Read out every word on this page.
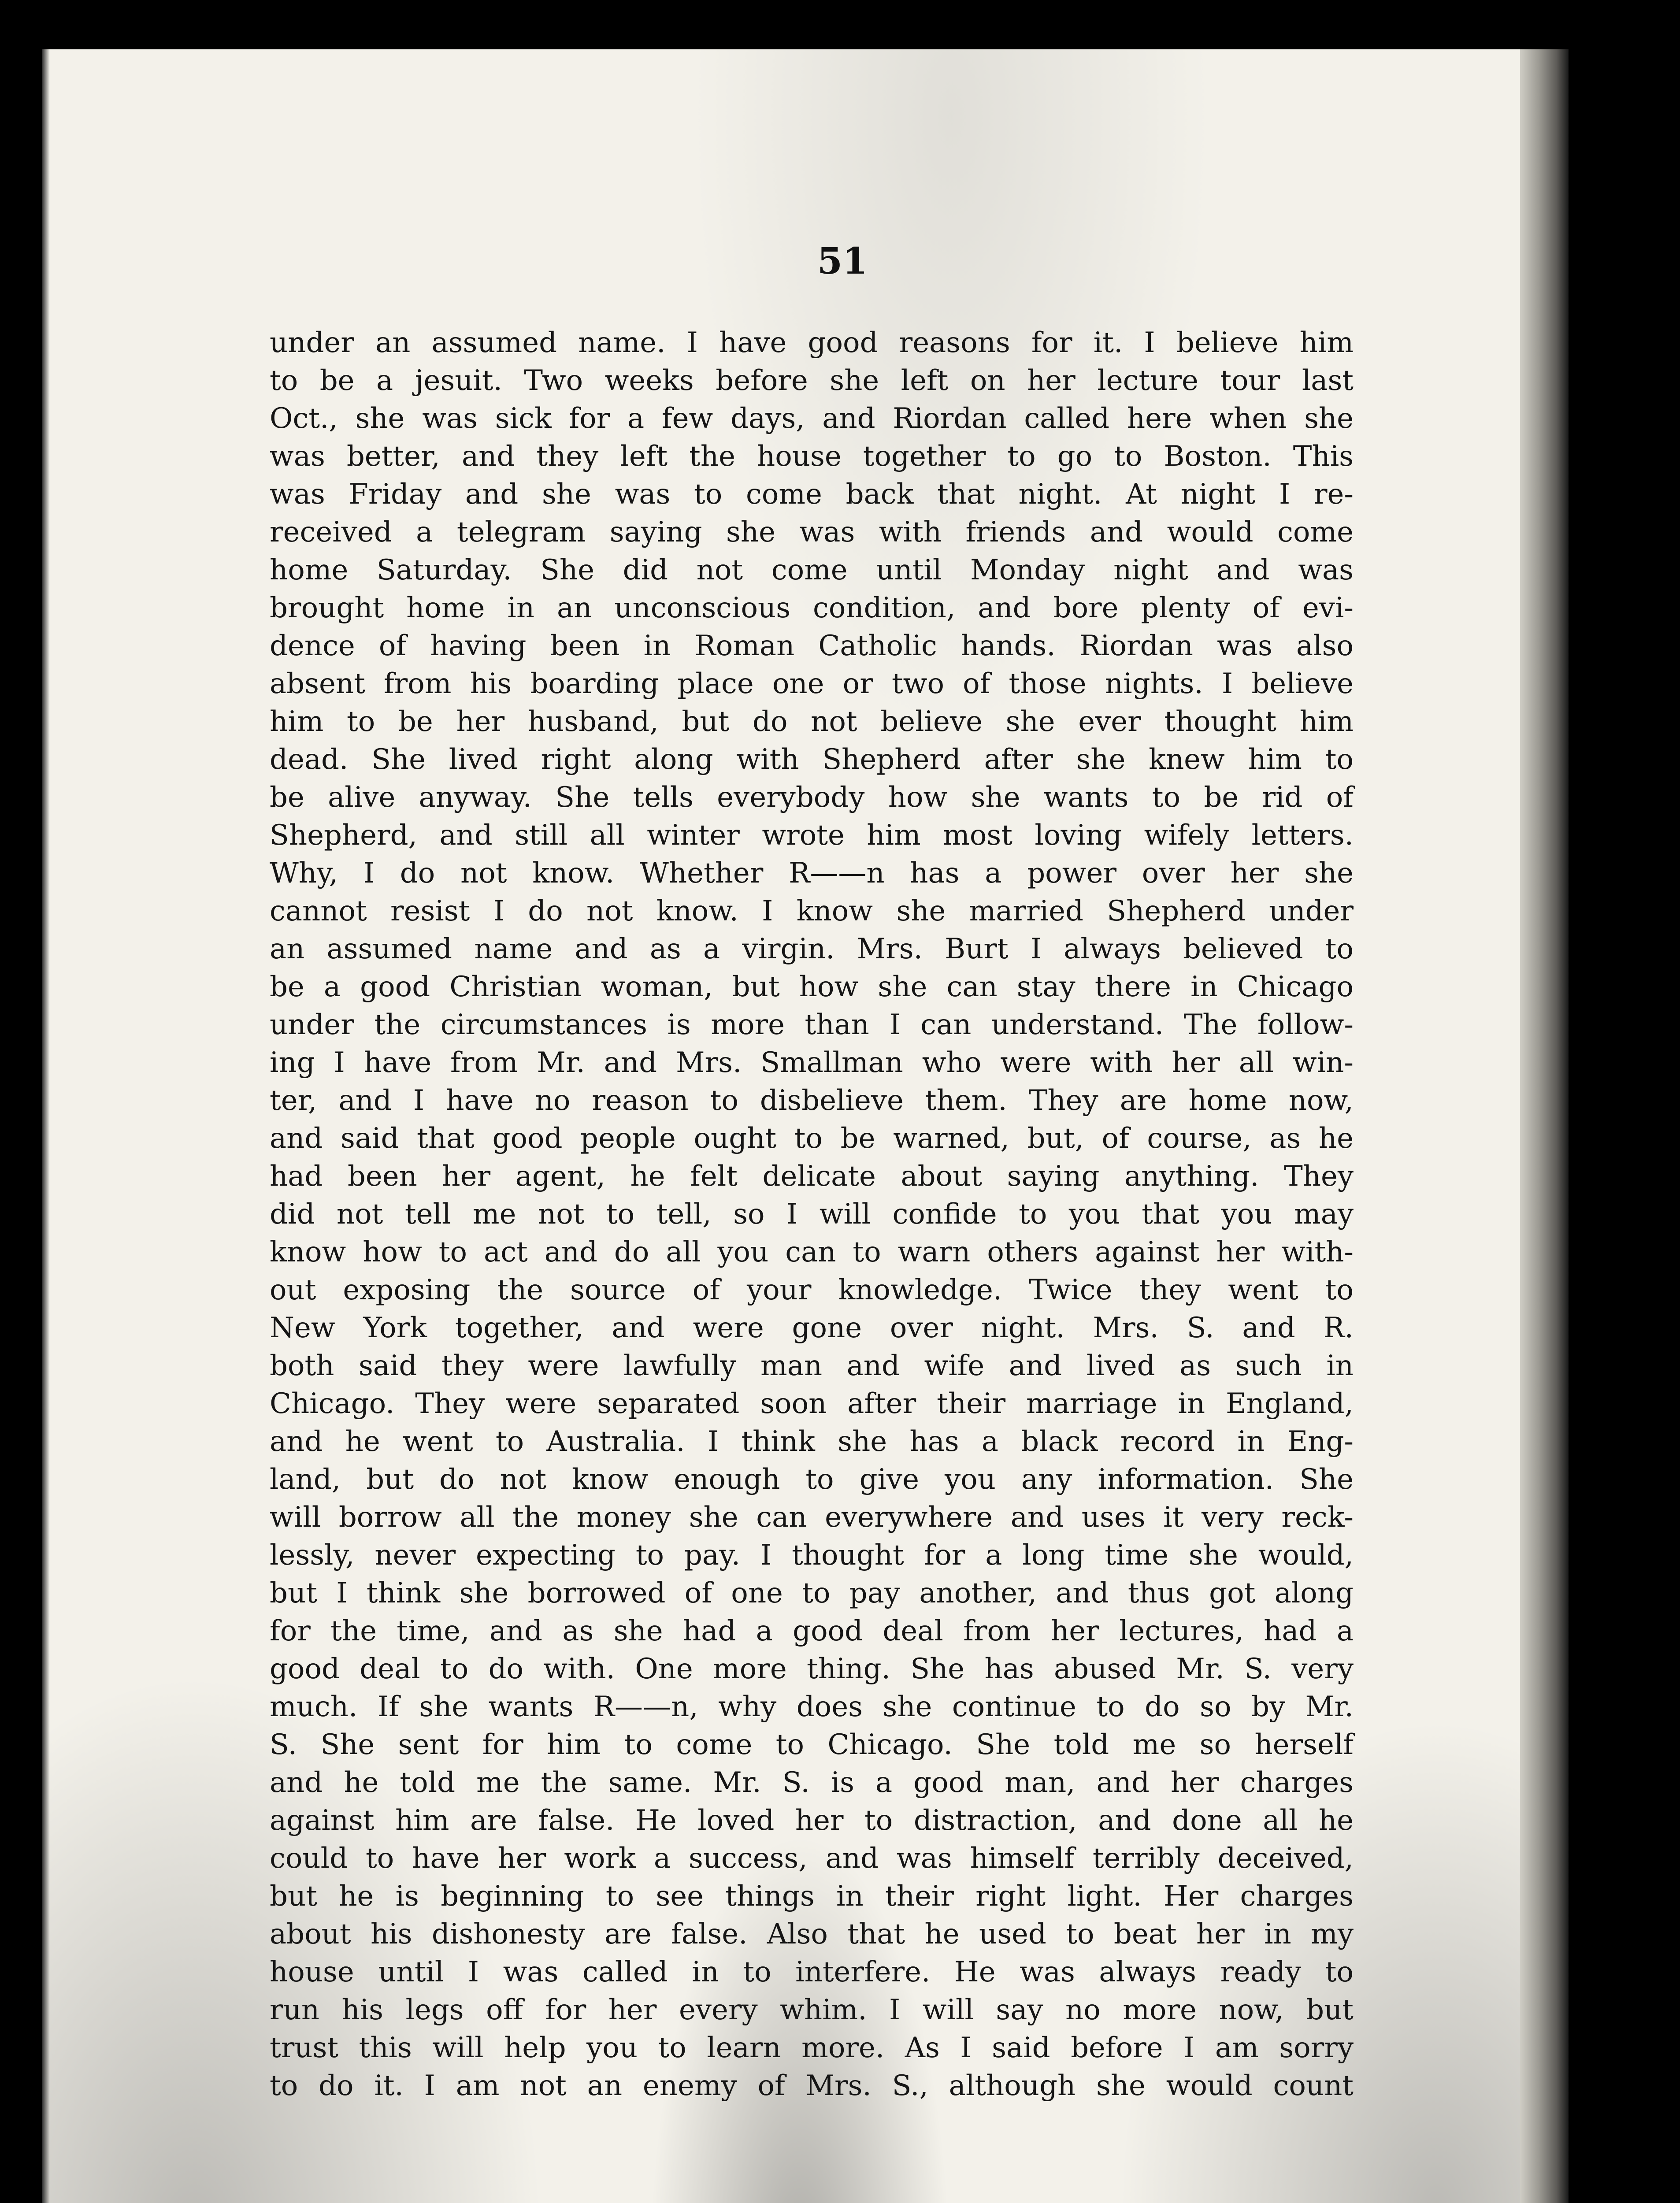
51
under an assumed name. I have good reasons for it. I believe him
to be a jesuit. Two weeks before she left on her lecture tour last
Oct., she was sick for a few days, and Riordan called here when she
was better, and they left the house together to go to Boston. This
was Friday and she was to come back that night. At night I re-
received a telegram saying she was with friends and would come
home Saturday. She did not come until Monday night and was
brought home in an unconscious condition, and bore plenty of evi-
dence of having been in Roman Catholic hands. Riordan was also
absent from his boarding place one or two of those nights. I believe
him to be her husband, but do not believe she ever thought him
dead. She lived right along with Shepherd after she knew him to
be alive anyway. She tells everybody how she wants to be rid of
Shepherd, and still all winter wrote him most loving wifely letters.
Why, I do not know. Whether R——n has a power over her she
cannot resist I do not know. I know she married Shepherd under
an assumed name and as a virgin. Mrs. Burt I always believed to
be a good Christian woman, but how she can stay there in Chicago
under the circumstances is more than I can understand. The follow-
ing I have from Mr. and Mrs. Smallman who were with her all win-
ter, and I have no reason to disbelieve them. They are home now,
and said that good people ought to be warned, but, of course, as he
had been her agent, he felt delicate about saying anything. They
did not tell me not to tell, so I will confide to you that you may
know how to act and do all you can to warn others against her with-
out exposing the source of your knowledge. Twice they went to
New York together, and were gone over night. Mrs. S. and R.
both said they were lawfully man and wife and lived as such in
Chicago. They were separated soon after their marriage in England,
and he went to Australia. I think she has a black record in Eng-
land, but do not know enough to give you any information. She
will borrow all the money she can everywhere and uses it very reck-
lessly, never expecting to pay. I thought for a long time she would,
but I think she borrowed of one to pay another, and thus got along
for the time, and as she had a good deal from her lectures, had a
good deal to do with. One more thing. She has abused Mr. S. very
much. If she wants R——n, why does she continue to do so by Mr.
S. She sent for him to come to Chicago. She told me so herself
and he told me the same. Mr. S. is a good man, and her charges
against him are false. He loved her to distraction, and done all he
could to have her work a success, and was himself terribly deceived,
but he is beginning to see things in their right light. Her charges
about his dishonesty are false. Also that he used to beat her in my
house until I was called in to interfere. He was always ready to
run his legs off for her every whim. I will say no more now, but
trust this will help you to learn more. As I said before I am sorry
to do it. I am not an enemy of Mrs. S., although she would count
